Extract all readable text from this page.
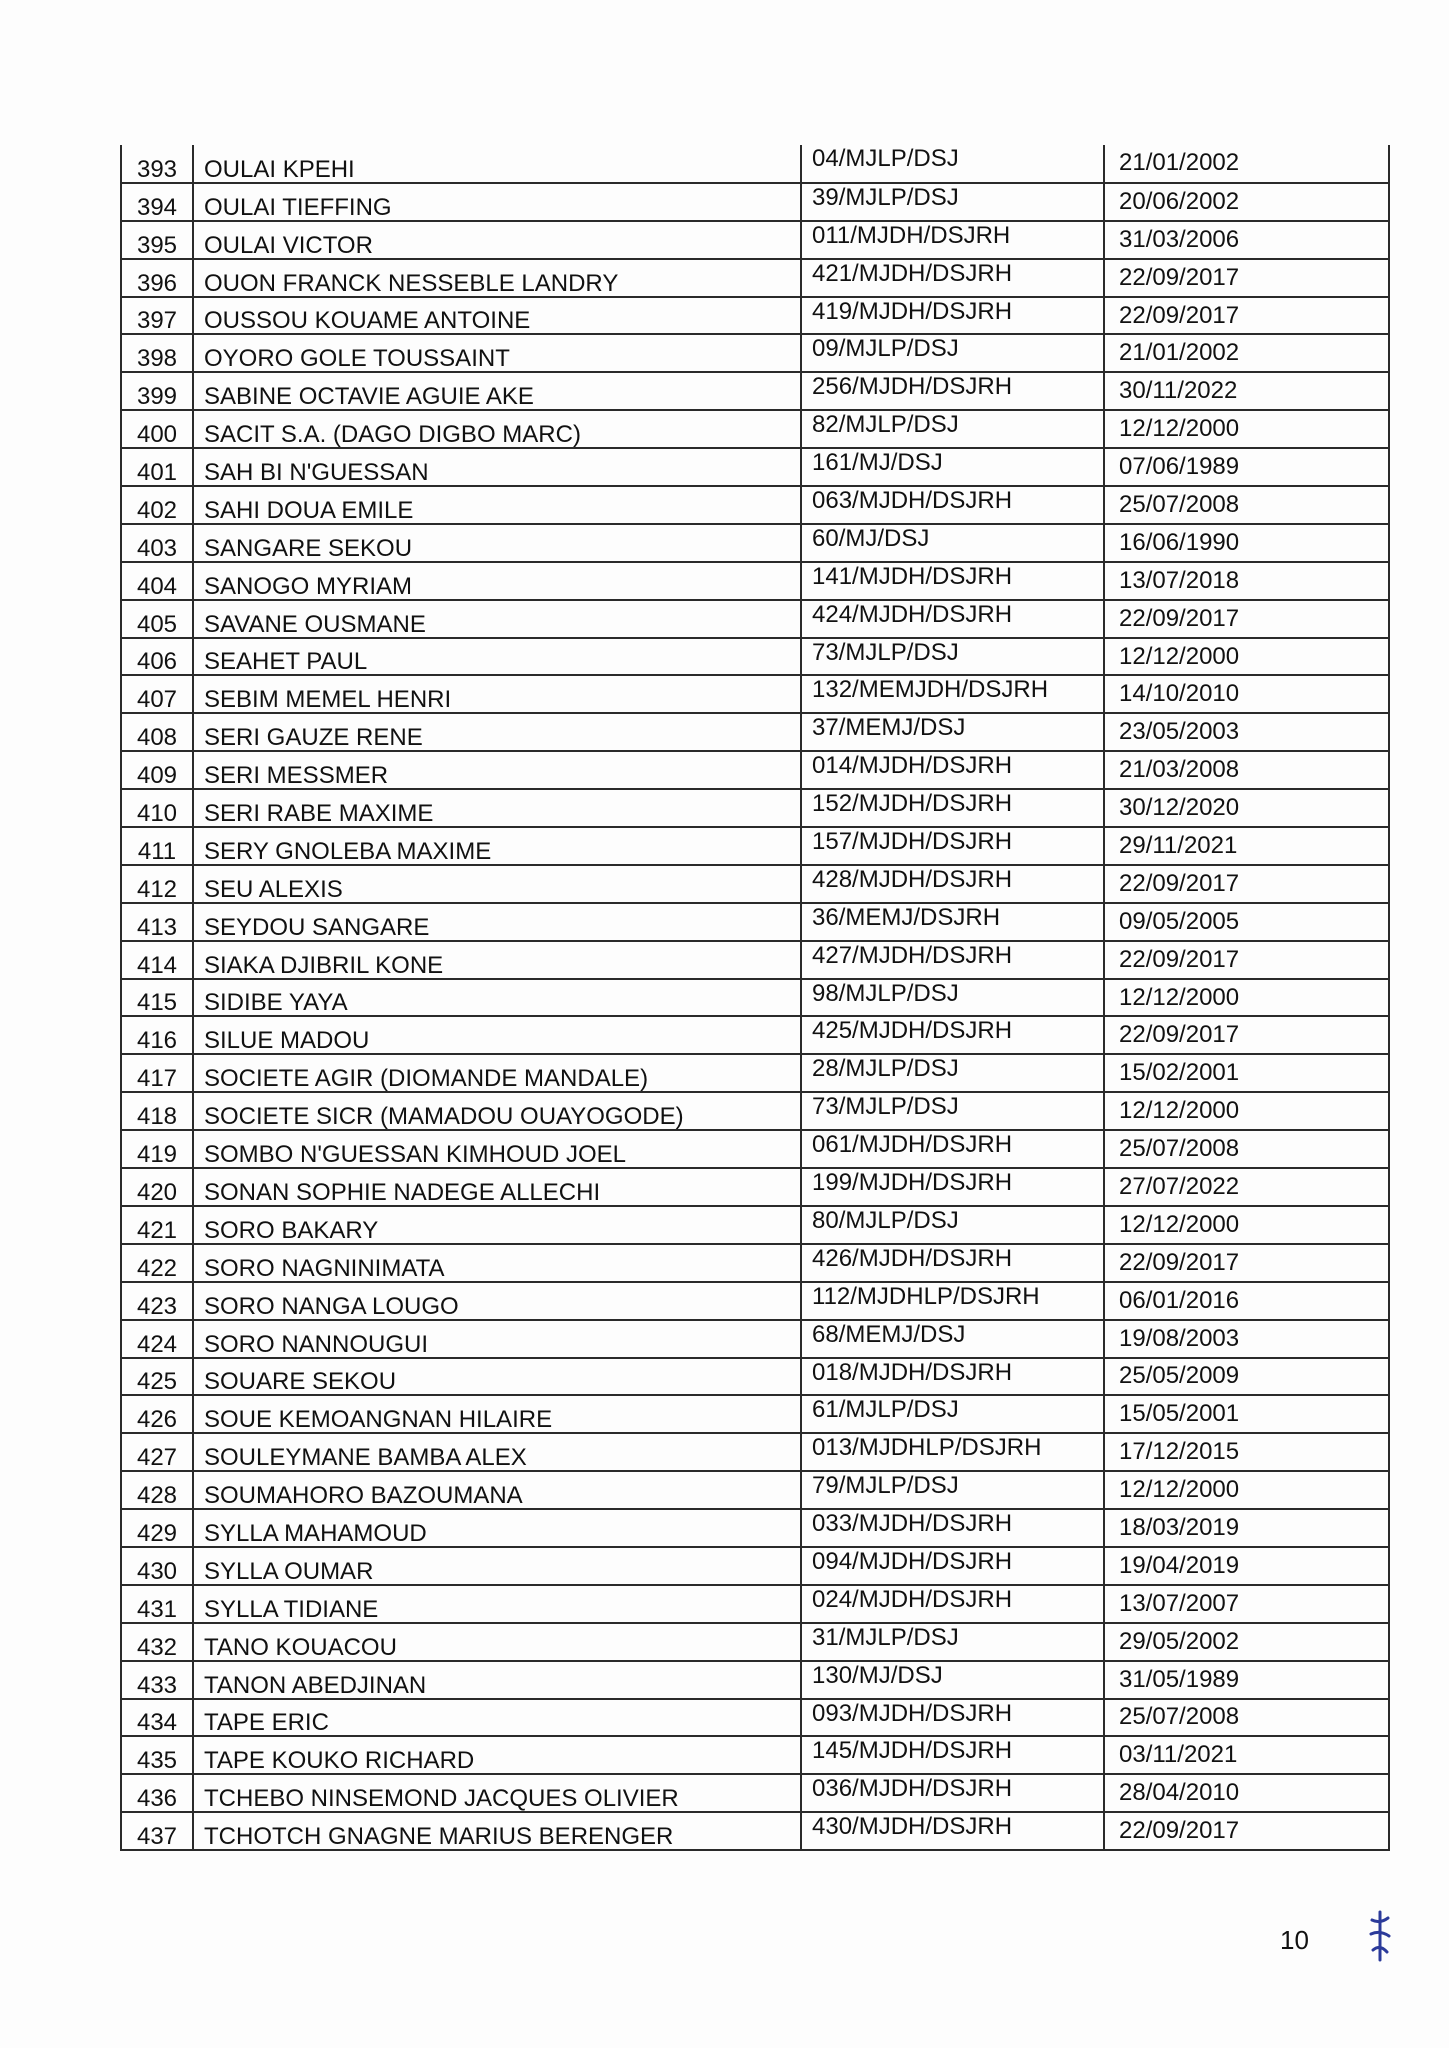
393	OULAI KPEHI	04/MJLP/DSJ	21/01/2002
394	OULAI TIEFFING	39/MJLP/DSJ	20/06/2002
395	OULAI VICTOR	011/MJDH/DSJRH	31/03/2006
396	OUON FRANCK NESSEBLE LANDRY	421/MJDH/DSJRH	22/09/2017
397	OUSSOU KOUAME ANTOINE	419/MJDH/DSJRH	22/09/2017
398	OYORO GOLE TOUSSAINT	09/MJLP/DSJ	21/01/2002
399	SABINE OCTAVIE AGUIE AKE	256/MJDH/DSJRH	30/11/2022
400	SACIT S.A. (DAGO DIGBO MARC)	82/MJLP/DSJ	12/12/2000
401	SAH BI N'GUESSAN	161/MJ/DSJ	07/06/1989
402	SAHI DOUA EMILE	063/MJDH/DSJRH	25/07/2008
403	SANGARE SEKOU	60/MJ/DSJ	16/06/1990
404	SANOGO MYRIAM	141/MJDH/DSJRH	13/07/2018
405	SAVANE OUSMANE	424/MJDH/DSJRH	22/09/2017
406	SEAHET PAUL	73/MJLP/DSJ	12/12/2000
407	SEBIM MEMEL HENRI	132/MEMJDH/DSJRH	14/10/2010
408	SERI GAUZE RENE	37/MEMJ/DSJ	23/05/2003
409	SERI MESSMER	014/MJDH/DSJRH	21/03/2008
410	SERI RABE MAXIME	152/MJDH/DSJRH	30/12/2020
411	SERY GNOLEBA MAXIME	157/MJDH/DSJRH	29/11/2021
412	SEU ALEXIS	428/MJDH/DSJRH	22/09/2017
413	SEYDOU SANGARE	36/MEMJ/DSJRH	09/05/2005
414	SIAKA DJIBRIL KONE	427/MJDH/DSJRH	22/09/2017
415	SIDIBE YAYA	98/MJLP/DSJ	12/12/2000
416	SILUE MADOU	425/MJDH/DSJRH	22/09/2017
417	SOCIETE AGIR (DIOMANDE MANDALE)	28/MJLP/DSJ	15/02/2001
418	SOCIETE SICR (MAMADOU OUAYOGODE)	73/MJLP/DSJ	12/12/2000
419	SOMBO N'GUESSAN KIMHOUD JOEL	061/MJDH/DSJRH	25/07/2008
420	SONAN SOPHIE NADEGE ALLECHI	199/MJDH/DSJRH	27/07/2022
421	SORO BAKARY	80/MJLP/DSJ	12/12/2000
422	SORO NAGNINIMATA	426/MJDH/DSJRH	22/09/2017
423	SORO NANGA LOUGO	112/MJDHLP/DSJRH	06/01/2016
424	SORO NANNOUGUI	68/MEMJ/DSJ	19/08/2003
425	SOUARE SEKOU	018/MJDH/DSJRH	25/05/2009
426	SOUE KEMOANGNAN HILAIRE	61/MJLP/DSJ	15/05/2001
427	SOULEYMANE BAMBA ALEX	013/MJDHLP/DSJRH	17/12/2015
428	SOUMAHORO BAZOUMANA	79/MJLP/DSJ	12/12/2000
429	SYLLA MAHAMOUD	033/MJDH/DSJRH	18/03/2019
430	SYLLA OUMAR	094/MJDH/DSJRH	19/04/2019
431	SYLLA TIDIANE	024/MJDH/DSJRH	13/07/2007
432	TANO KOUACOU	31/MJLP/DSJ	29/05/2002
433	TANON ABEDJINAN	130/MJ/DSJ	31/05/1989
434	TAPE ERIC	093/MJDH/DSJRH	25/07/2008
435	TAPE KOUKO RICHARD	145/MJDH/DSJRH	03/11/2021
436	TCHEBO NINSEMOND JACQUES OLIVIER	036/MJDH/DSJRH	28/04/2010
437	TCHOTCH GNAGNE MARIUS BERENGER	430/MJDH/DSJRH	22/09/2017
10
